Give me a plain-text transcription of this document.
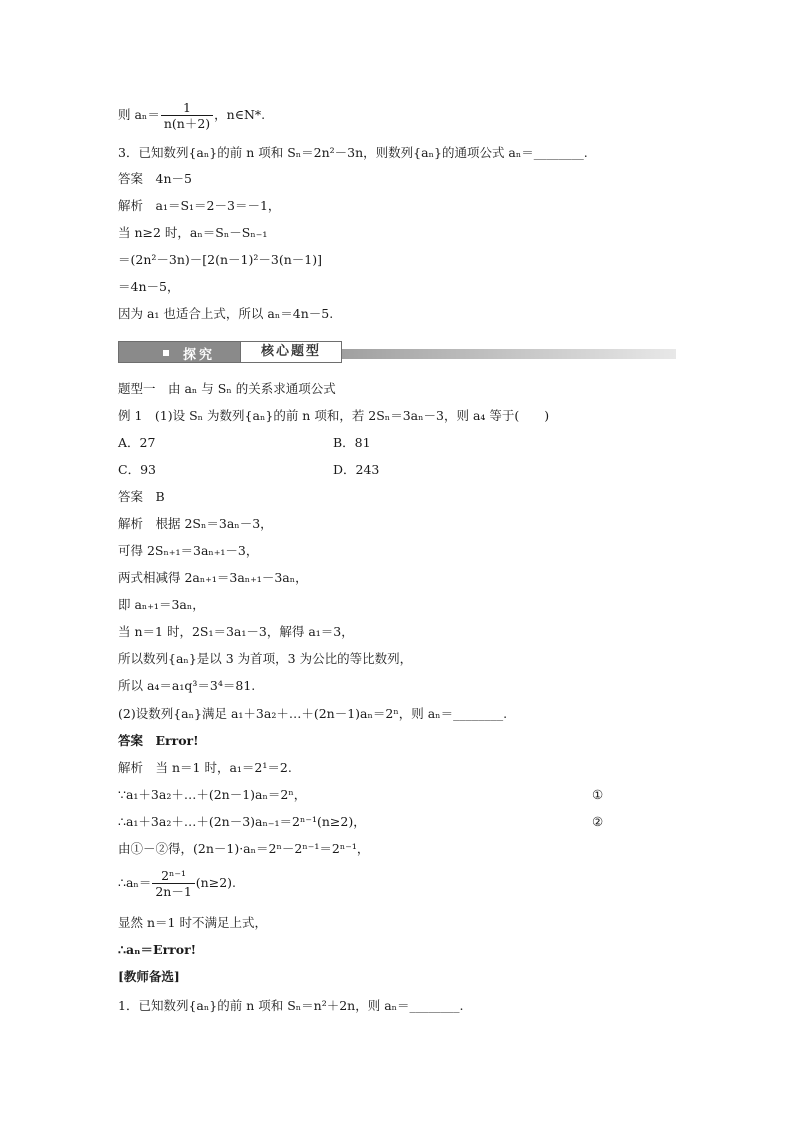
则 $a_n= \frac{1}{n(n+2)}$ ，n∈N*.
3．已知数列{aₙ}的前 n 项和 Sₙ＝2n²－3n，则数列{aₙ}的通项公式 aₙ＝________.
答案　4n－5
解析　a₁＝S₁＝2－3＝－1，
当 n≥2 时，aₙ＝Sₙ－Sₙ₋₁
＝(2n²－3n)－[2(n－1)²－3(n－1)]
＝4n－5，
因为 a₁ 也适合上式，所以 aₙ＝4n－5.
探究	核心题型
题型一　由 aₙ 与 Sₙ 的关系求通项公式
例 1　(1)设 Sₙ 为数列{aₙ}的前 n 项和，若 2Sₙ＝3aₙ－3，则 a₄ 等于(　　)
A．27	B．81
C．93	D．243
答案　B
解析　根据 2Sₙ＝3aₙ－3，
可得 2Sₙ₊₁＝3aₙ₊₁－3，
两式相减得 2aₙ₊₁＝3aₙ₊₁－3aₙ，
即 aₙ₊₁＝3aₙ，
当 n＝1 时，2S₁＝3a₁－3，解得 a₁＝3，
所以数列{aₙ}是以 3 为首项，3 为公比的等比数列，
所以 a₄＝a₁q³＝3⁴＝81.
(2)设数列{aₙ}满足 a₁＋3a₂＋…＋(2n－1)aₙ＝2ⁿ，则 aₙ＝________.
答案　Error!
解析　当 n＝1 时，a₁＝2¹＝2.
∵a₁＋3a₂＋…＋(2n－1)aₙ＝2ⁿ，	①
∴a₁＋3a₂＋…＋(2n－3)aₙ₋₁＝2ⁿ⁻¹(n≥2)，	②
由①－②得，(2n－1)·aₙ＝2ⁿ－2ⁿ⁻¹＝2ⁿ⁻¹，
∴aₙ＝ $\frac{\text{2ⁿ⁻¹}}{2n-1} (n\ge 2)$.
显然 n＝1 时不满足上式，
∴aₙ＝Error!
[教师备选]
1．已知数列{aₙ}的前 n 项和 Sₙ＝n²＋2n，则 aₙ＝________.
